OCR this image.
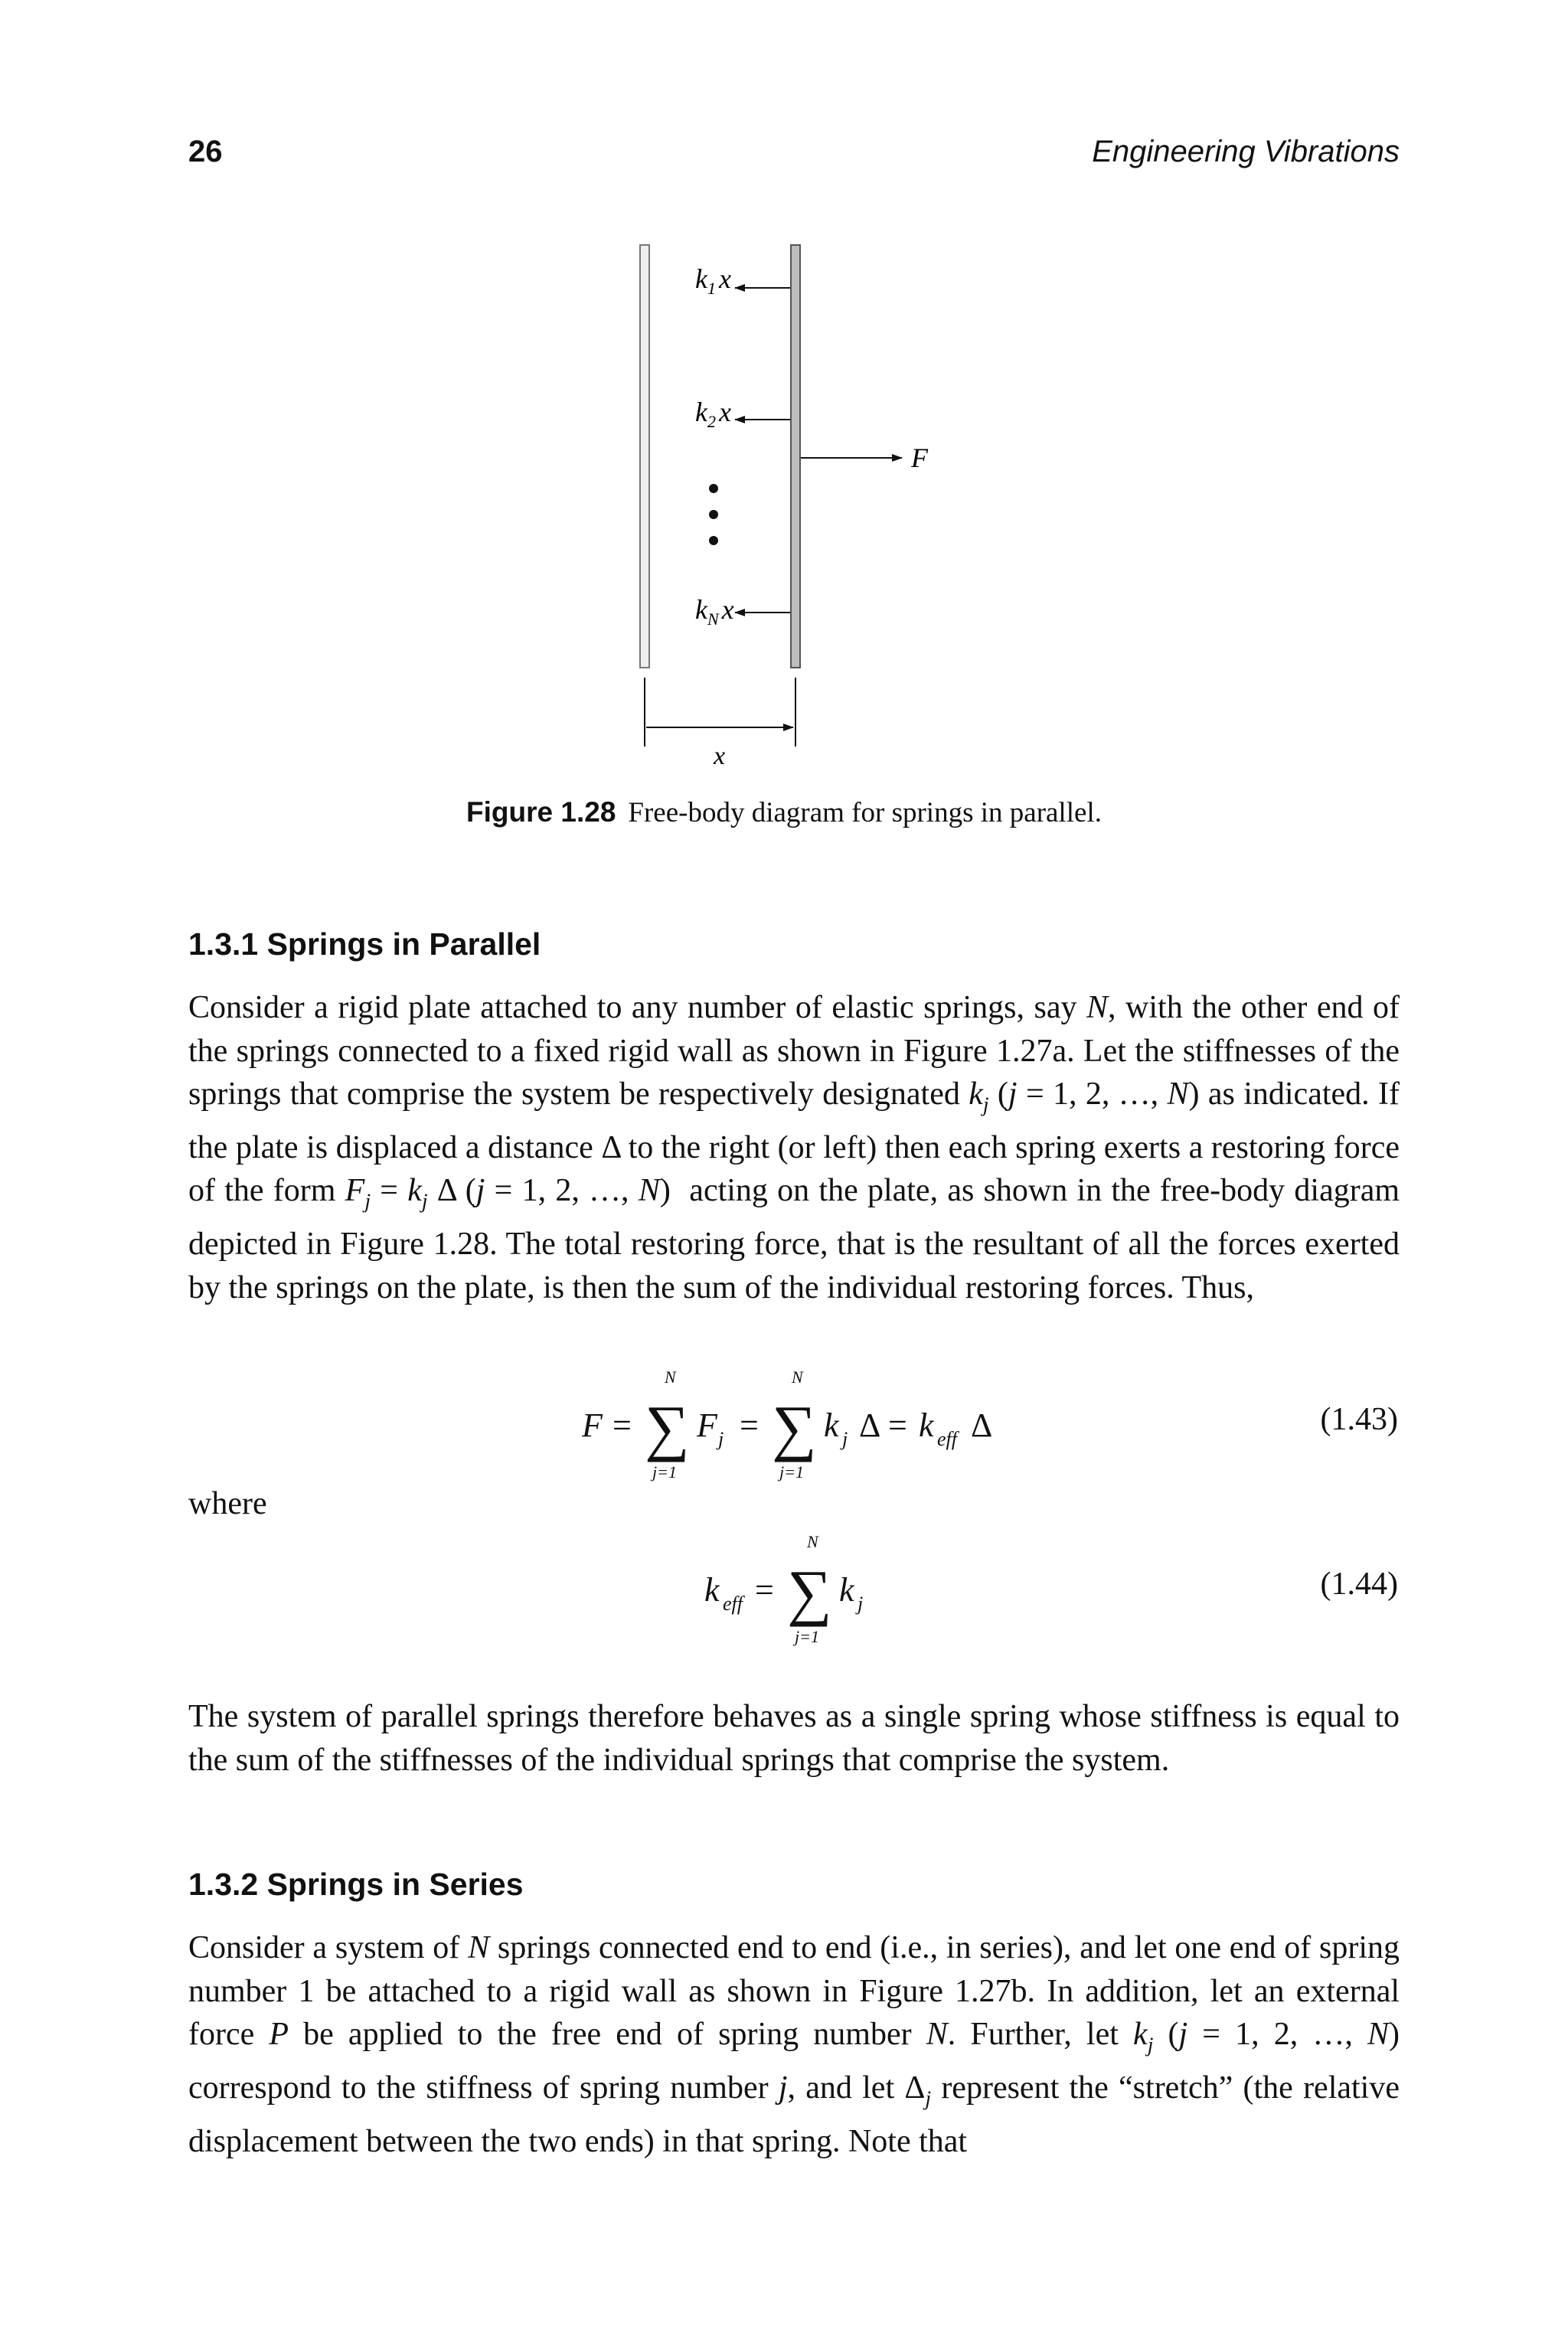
26	Engineering Vibrations
$k_1$ x
$k_2$ x
$k_N$ x
F
x
Figure 1.28 Free-body diagram for springs in parallel.
1.3.1 Springs in Parallel
Consider a rigid plate attached to any number of elastic springs, say N, with the other end of the springs connected to a fixed rigid wall as shown in Figure 1.27a. Let the stiffnesses of the springs that comprise the system be respectively designated $k_j$ (j = 1, 2, …, N) as indicated. If the plate is displaced a distance Δ to the right (or left) then each spring exerts a restoring force of the form $F_j = k_j$ Δ (j = 1, 2, …, N)  acting on the plate, as shown in the free-body diagram depicted in Figure 1.28. The total restoring force, that is the resultant of all the forces exerted by the springs on the plate, is then the sum of the individual restoring forces. Thus,
F = ∑
N
j=1
F j = ∑
N
j=1
k j Δ = k eff Δ	(1.43)
where
k eff = ∑
N
j=1
k j
(1.44)
The system of parallel springs therefore behaves as a single spring whose stiffness is equal to the sum of the stiffnesses of the individual springs that comprise the system.
1.3.2 Springs in Series
Consider a system of N springs connected end to end (i.e., in series), and let one end of spring number 1 be attached to a rigid wall as shown in Figure 1.27b. In addition, let an external force P be applied to the free end of spring number N. Further, let $k_j$ (j = 1, 2, …, N) correspond to the stiffness of spring number j, and let $\Delta_j$ represent the “stretch” (the relative displacement between the two ends) in that spring. Note that
